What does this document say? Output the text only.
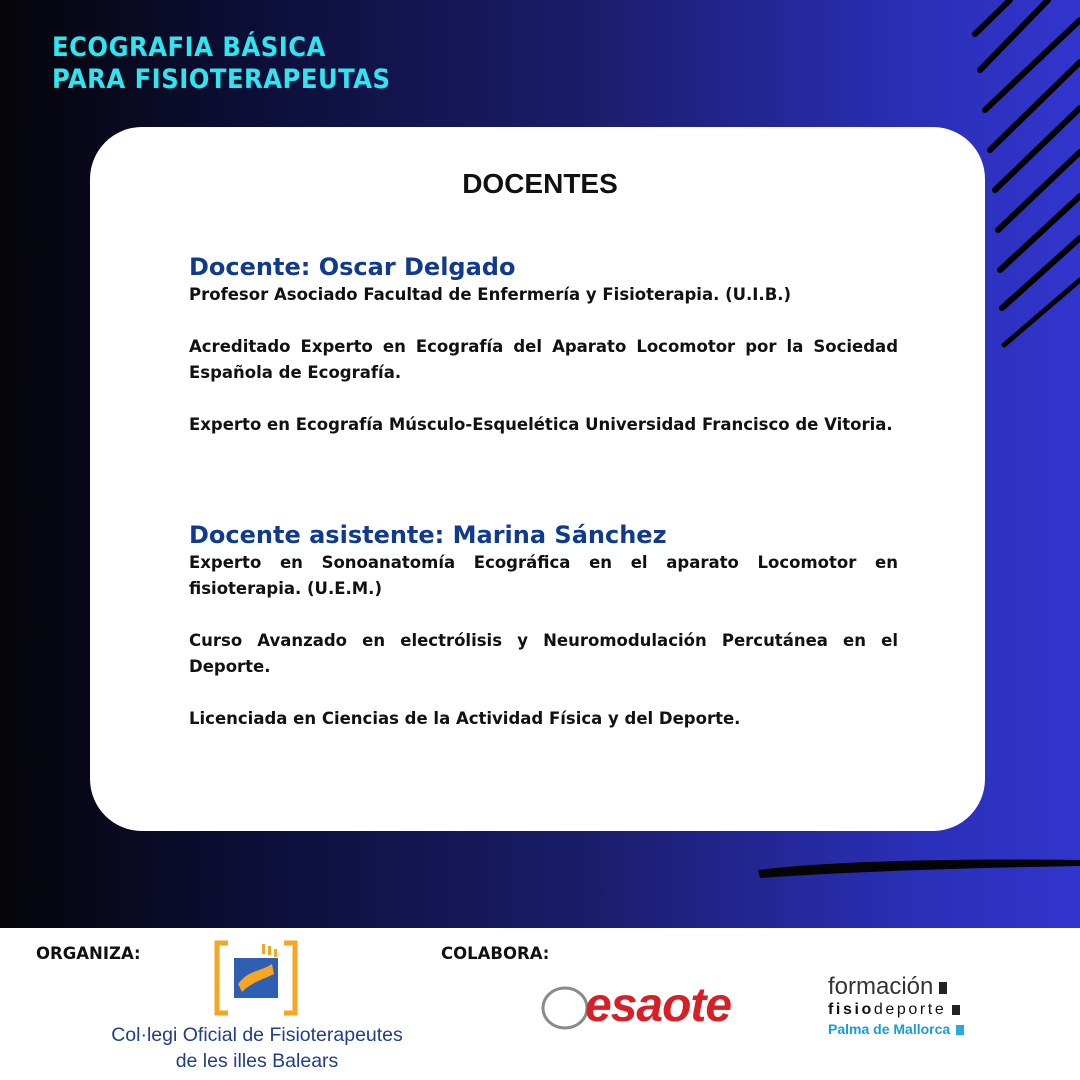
ECOGRAFIA BÁSICA
PARA FISIOTERAPEUTAS
DOCENTES
Docente: Oscar Delgado

Profesor Asociado Facultad de Enfermería y Fisioterapia. (U.I.B.)

Acreditado Experto en Ecografía del Aparato Locomotor por la Sociedad Española de Ecografía.

Experto en Ecografía Músculo-Esquelética Universidad Francisco de Vitoria.

Docente asistente: Marina Sánchez

Experto en Sonoanatomía Ecográfica en el aparato Locomotor en fisioterapia. (U.E.M.)

Curso Avanzado en electrólisis y Neuromodulación Percutánea en el Deporte.

Licenciada en Ciencias de la Actividad Física y del Deporte.

ORGANIZA:	COLABORA:
Col·legi Oficial de Fisioterapeutes
de les illes Balears
esaote	formación
fisiodeporte
Palma de Mallorca
